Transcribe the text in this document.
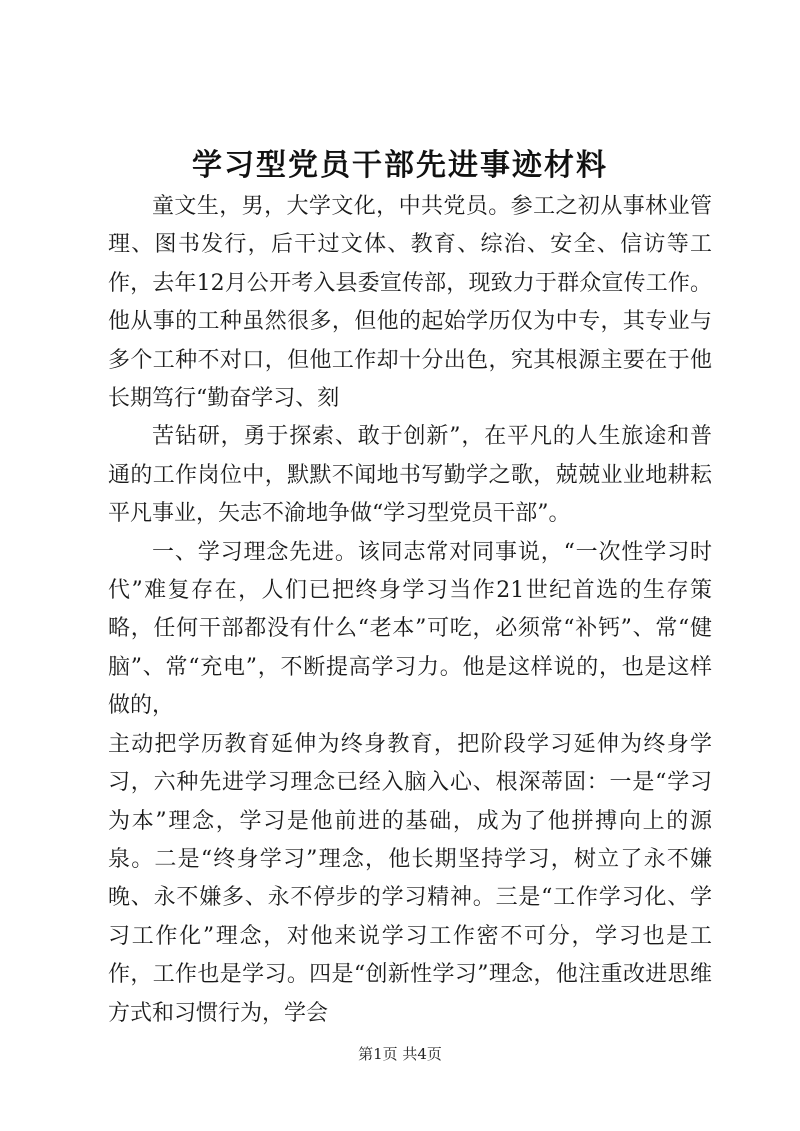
学习型党员干部先进事迹材料

童文生，男，大学文化，中共党员。参工之初从事林业管理、图书发行，后干过文体、教育、综治、安全、信访等工作，去年12月公开考入县委宣传部，现致力于群众宣传工作。他从事的工种虽然很多，但他的起始学历仅为中专，其专业与多个工种不对口，但他工作却十分出色，究其根源主要在于他长期笃行“勤奋学习、刻

苦钻研，勇于探索、敢于创新”，在平凡的人生旅途和普通的工作岗位中，默默不闻地书写勤学之歌，兢兢业业地耕耘平凡事业，矢志不渝地争做“学习型党员干部”。

一、学习理念先进。该同志常对同事说，“一次性学习时代”难复存在，人们已把终身学习当作21世纪首选的生存策略，任何干部都没有什么“老本”可吃，必须常“补钙”、常“健脑”、常“充电”，不断提高学习力。他是这样说的，也是这样做的，

主动把学历教育延伸为终身教育，把阶段学习延伸为终身学习，六种先进学习理念已经入脑入心、根深蒂固：一是“学习为本”理念，学习是他前进的基础，成为了他拼搏向上的源泉。二是“终身学习”理念，他长期坚持学习，树立了永不嫌晚、永不嫌多、永不停步的学习精神。三是“工作学习化、学习工作化”理念，对他来说学习工作密不可分，学习也是工作，工作也是学习。四是“创新性学习”理念，他注重改进思维方式和习惯行为，学会

第1页 共4页
